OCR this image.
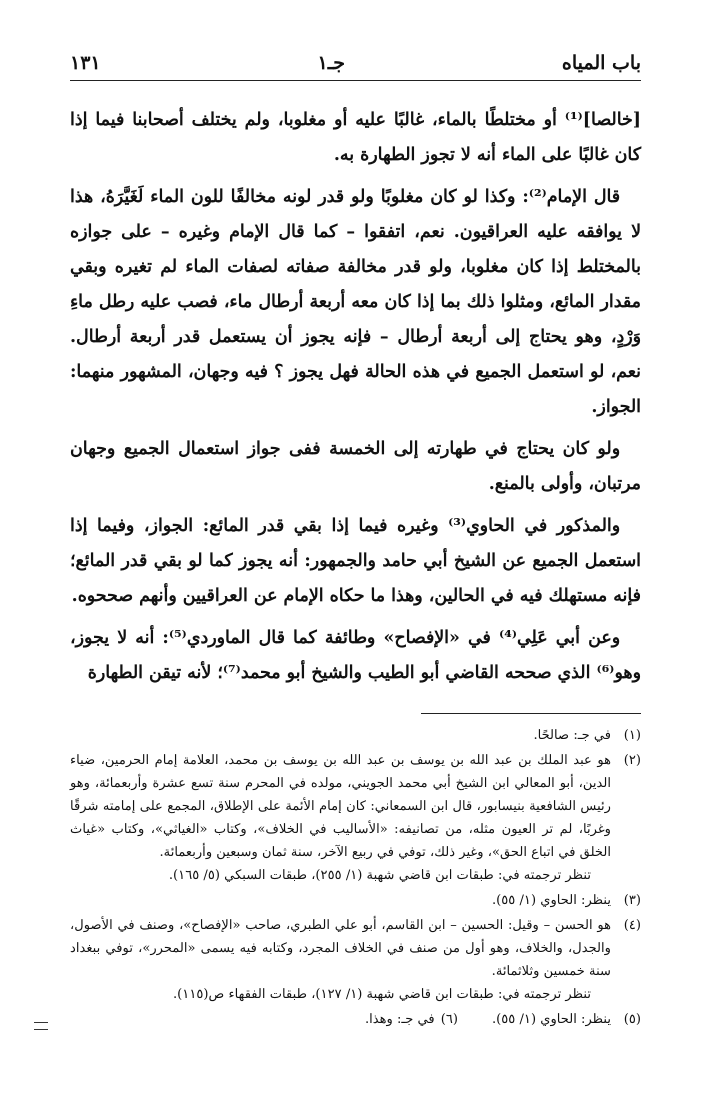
باب المياه
جـ١
١٣١

[خالصا]⁽¹⁾ أو مختلطًا بالماء، غالبًا عليه أو مغلوبا، ولم يختلف أصحابنا فيما إذا كان غالبًا على الماء أنه لا تجوز الطهارة به.

قال الإمام⁽²⁾: وكذا لو كان مغلوبًا ولو قدر لونه مخالفًا للون الماء لَغَيَّرَهُ، هذا لا يوافقه عليه العراقيون. نعم، اتفقوا – كما قال الإمام وغيره – على جوازه بالمختلط إذا كان مغلوبا، ولو قدر مخالفة صفاته لصفات الماء لم تغيره وبقي مقدار المائع، ومثلوا ذلك بما إذا كان معه أربعة أرطال ماء، فصب عليه رطل ماءِ وَرْدٍ، وهو يحتاج إلى أربعة أرطال – فإنه يجوز أن يستعمل قدر أربعة أرطال. نعم، لو استعمل الجميع في هذه الحالة فهل يجوز ؟ فيه وجهان، المشهور منهما: الجواز.

ولو كان يحتاج في طهارته إلى الخمسة ففى جواز استعمال الجميع وجهان مرتبان، وأولى بالمنع.

والمذكور في الحاوي⁽³⁾ وغيره فيما إذا بقي قدر المائع: الجواز، وفيما إذا استعمل الجميع عن الشيخ أبي حامد والجمهور: أنه يجوز كما لو بقي قدر المائع؛ فإنه مستهلك فيه في الحالين، وهذا ما حكاه الإمام عن العراقيين وأنهم صححوه.

وعن أبي عَلِي⁽⁴⁾ في «الإفصاح» وطائفة كما قال الماوردي⁽⁵⁾: أنه لا يجوز، وهو⁽⁶⁾ الذي صححه القاضي أبو الطيب والشيخ أبو محمد⁽⁷⁾؛ لأنه تيقن الطهارة

(١)
في جـ: صالحًا.
(٢)
هو عبد الملك بن عبد الله بن يوسف بن عبد الله بن يوسف بن محمد، العلامة إمام الحرمين، ضياء الدين، أبو المعالي ابن الشيخ أبي محمد الجويني، مولده في المحرم سنة تسع عشرة وأربعمائة، وهو رئيس الشافعية بنيسابور، قال ابن السمعاني: كان إمام الأئمة على الإطلاق، المجمع على إمامته شرقًا وغربًا، لم تر العيون مثله، من تصانيفه: «الأساليب في الخلاف»، وكتاب «الغياثي»، وكتاب «غياث الخلق في اتباع الحق»، وغير ذلك، توفي في ربيع الآخر، سنة ثمان وسبعين وأربعمائة.
تنظر ترجمته في: طبقات ابن قاضي شهبة (١/ ٢٥٥)، طبقات السبكي (٥/ ١٦٥).
(٣)
ينظر: الحاوي (١/ ٥٥).
(٤)
هو الحسن – وقيل: الحسين – ابن القاسم، أبو علي الطبري، صاحب «الإفصاح»، وصنف في الأصول، والجدل، والخلاف، وهو أول من صنف في الخلاف المجرد، وكتابه فيه يسمى «المحرر»، توفي ببغداد سنة خمسين وثلاثمائة.
تنظر ترجمته في: طبقات ابن قاضي شهبة (١/ ١٢٧)، طبقات الفقهاء ص(١١٥).
(٥)
ينظر: الحاوي (١/ ٥٥).
(٦)
في جـ: وهذا.
